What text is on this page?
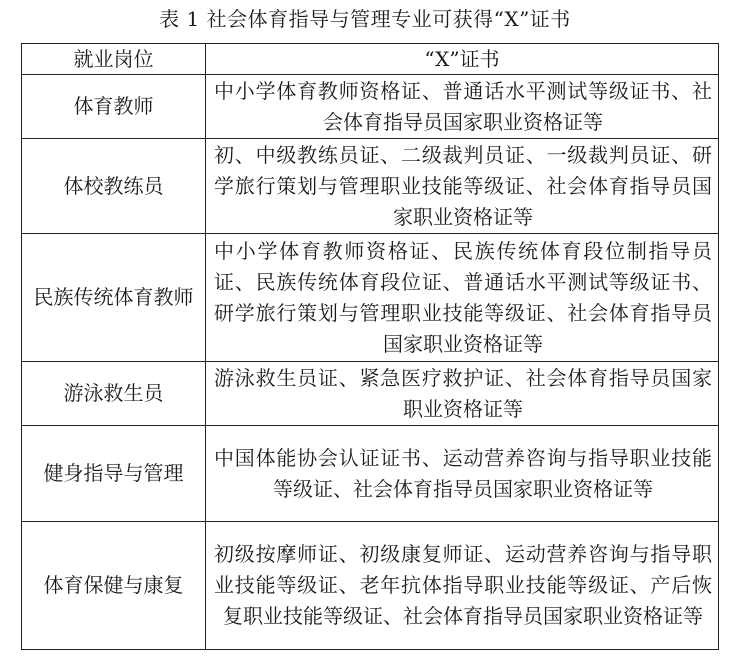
表 1 社会体育指导与管理专业可获得“X”证书
就业岗位	“X”证书
体育教师	中小学体育教师资格证、普通话水平测试等级证书、社会体育指导员国家职业资格证等
体校教练员	初、中级教练员证、二级裁判员证、一级裁判员证、研学旅行策划与管理职业技能等级证、社会体育指导员国家职业资格证等
民族传统体育教师	中小学体育教师资格证、民族传统体育段位制指导员证、民族传统体育段位证、普通话水平测试等级证书、研学旅行策划与管理职业技能等级证、社会体育指导员国家职业资格证等
游泳救生员	游泳救生员证、紧急医疗救护证、社会体育指导员国家职业资格证等
健身指导与管理	中国体能协会认证证书、运动营养咨询与指导职业技能等级证、社会体育指导员国家职业资格证等
体育保健与康复	初级按摩师证、初级康复师证、运动营养咨询与指导职业技能等级证、老年抗体指导职业技能等级证、产后恢复职业技能等级证、社会体育指导员国家职业资格证等
